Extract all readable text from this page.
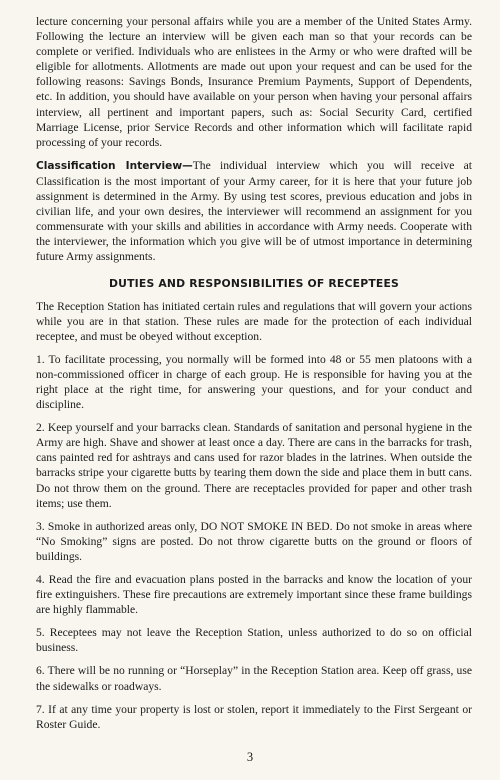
lecture concerning your personal affairs while you are a member of the United States Army. Following the lecture an interview will be given each man so that your records can be complete or verified. Individuals who are enlistees in the Army or who were drafted will be eligible for allotments. Allotments are made out upon your request and can be used for the following reasons: Savings Bonds, Insurance Premium Payments, Support of Dependents, etc. In addition, you should have available on your person when having your personal affairs interview, all pertinent and important papers, such as: Social Security Card, certified Marriage License, prior Service Records and other information which will facilitate rapid processing of your records.

Classification Interview—The individual interview which you will receive at Classification is the most important of your Army career, for it is here that your future job assignment is determined in the Army. By using test scores, previous education and jobs in civilian life, and your own desires, the interviewer will recommend an assignment for you commensurate with your skills and abilities in accordance with Army needs. Cooperate with the interviewer, the information which you give will be of utmost importance in determining future Army assignments.

DUTIES AND RESPONSIBILITIES OF RECEPTEES

The Reception Station has initiated certain rules and regulations that will govern your actions while you are in that station. These rules are made for the protection of each individual receptee, and must be obeyed without exception.

1. To facilitate processing, you normally will be formed into 48 or 55 men platoons with a non-commissioned officer in charge of each group. He is responsible for having you at the right place at the right time, for answering your questions, and for your conduct and discipline.

2. Keep yourself and your barracks clean. Standards of sanitation and personal hygiene in the Army are high. Shave and shower at least once a day. There are cans in the barracks for trash, cans painted red for ashtrays and cans used for razor blades in the latrines. When outside the barracks stripe your cigarette butts by tearing them down the side and place them in butt cans. Do not throw them on the ground. There are receptacles provided for paper and other trash items; use them.

3. Smoke in authorized areas only, DO NOT SMOKE IN BED. Do not smoke in areas where “No Smoking” signs are posted. Do not throw cigarette butts on the ground or floors of buildings.

4. Read the fire and evacuation plans posted in the barracks and know the location of your fire extinguishers. These fire precautions are extremely important since these frame buildings are highly flammable.

5. Receptees may not leave the Reception Station, unless authorized to do so on official business.

6. There will be no running or “Horseplay” in the Reception Station area. Keep off grass, use the sidewalks or roadways.

7. If at any time your property is lost or stolen, report it immediately to the First Sergeant or Roster Guide.

3
